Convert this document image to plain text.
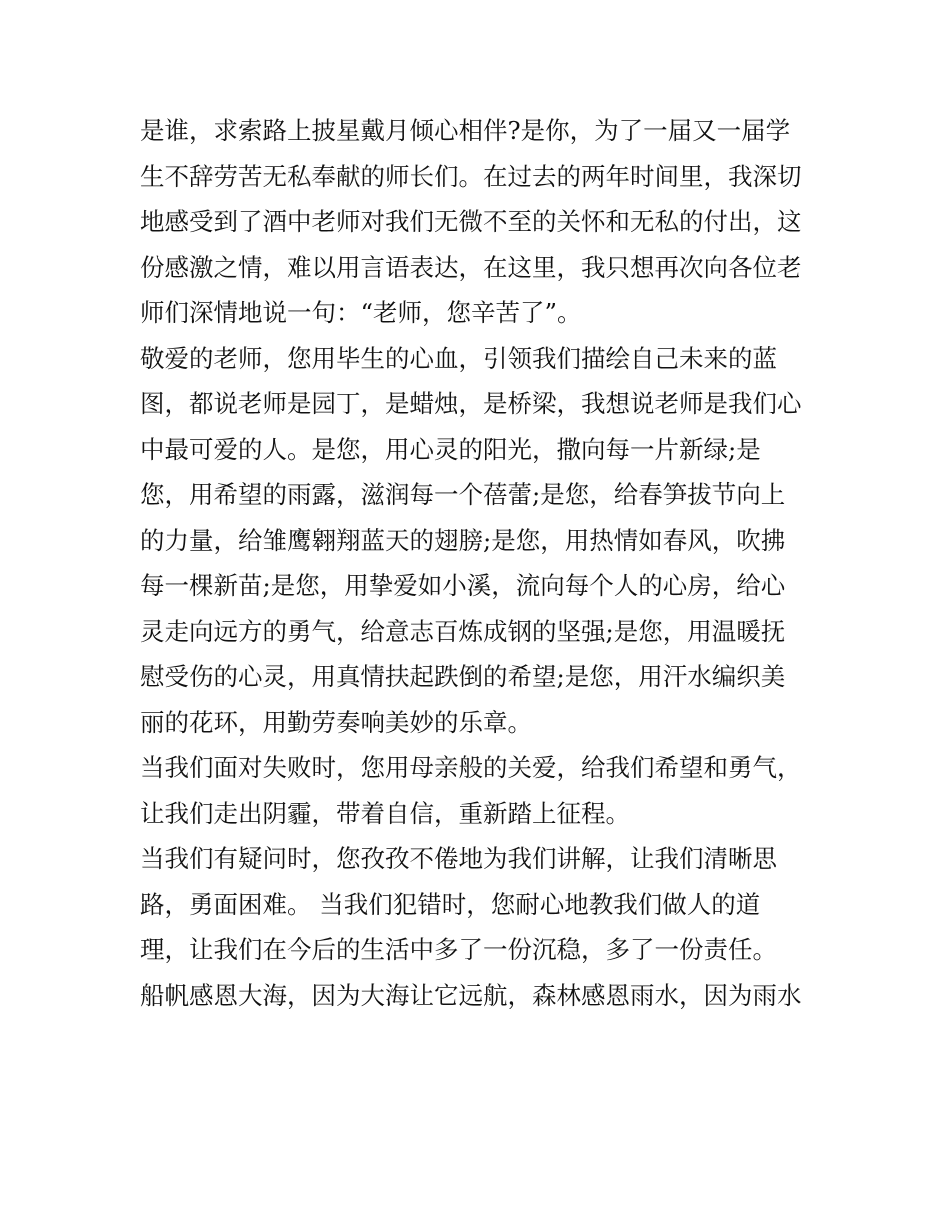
是谁，求索路上披星戴月倾心相伴?是你，为了一届又一届学
生不辞劳苦无私奉献的师长们。在过去的两年时间里，我深切
地感受到了酒中老师对我们无微不至的关怀和无私的付出，这
份感激之情，难以用言语表达，在这里，我只想再次向各位老
师们深情地说一句：“老师，您辛苦了”。
敬爱的老师，您用毕生的心血，引领我们描绘自己未来的蓝
图，都说老师是园丁，是蜡烛，是桥梁，我想说老师是我们心
中最可爱的人。是您，用心灵的阳光，撒向每一片新绿;是
您，用希望的雨露，滋润每一个蓓蕾;是您，给春笋拔节向上
的力量，给雏鹰翱翔蓝天的翅膀;是您，用热情如春风，吹拂
每一棵新苗;是您，用挚爱如小溪，流向每个人的心房，给心
灵走向远方的勇气，给意志百炼成钢的坚强;是您，用温暖抚
慰受伤的心灵，用真情扶起跌倒的希望;是您，用汗水编织美
丽的花环，用勤劳奏响美妙的乐章。
当我们面对失败时，您用母亲般的关爱，给我们希望和勇气，
让我们走出阴霾，带着自信，重新踏上征程。
当我们有疑问时，您孜孜不倦地为我们讲解，让我们清晰思
路，勇面困难。 当我们犯错时，您耐心地教我们做人的道
理，让我们在今后的生活中多了一份沉稳，多了一份责任。
船帆感恩大海，因为大海让它远航，森林感恩雨水，因为雨水
